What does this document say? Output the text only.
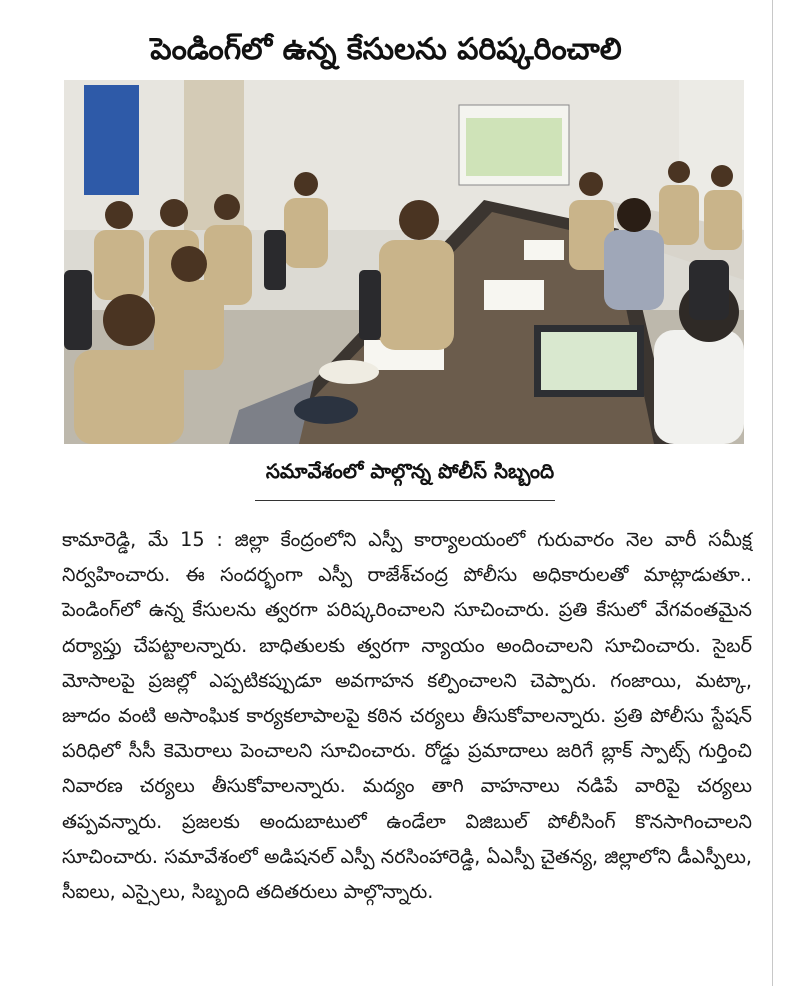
పెండింగ్‌లో ఉన్న కేసులను పరిష్కరించాలి
సమావేశంలో పాల్గొన్న పోలీస్ సిబ్బంది

కామారెడ్డి, మే 15 : జిల్లా కేంద్రంలోని ఎస్పీ కార్యాలయంలో గురువారం నెల వారీ సమీక్ష నిర్వహించారు. ఈ సందర్భంగా ఎస్పీ రాజేశ్‌చంద్ర పోలీసు అధికారులతో మాట్లాడుతూ.. పెండింగ్‌లో ఉన్న కేసులను త్వరగా పరిష్కరించాలని సూచించారు. ప్రతి కేసులో వేగవంతమైన దర్యాప్తు చేపట్టాలన్నారు. బాధితులకు త్వరగా న్యాయం అందించాలని సూచించారు. సైబర్ మోసాలపై ప్రజల్లో ఎప్పటికప్పుడూ అవగాహన కల్పించాలని చెప్పారు. గంజాయి, మట్కా, జూదం వంటి అసాంఘిక కార్యకలాపాలపై కఠిన చర్యలు తీసుకోవాలన్నారు. ప్రతి పోలీసు స్టేషన్ పరిధిలో సీసీ కెమెరాలు పెంచాలని సూచించారు. రోడ్డు ప్రమాదాలు జరిగే బ్లాక్ స్పాట్స్ గుర్తించి నివారణ చర్యలు తీసుకోవాలన్నారు. మద్యం తాగి వాహనాలు నడిపే వారిపై చర్యలు తప్పవన్నారు. ప్రజలకు అందుబాటులో ఉండేలా విజిబుల్ పోలీసింగ్ కొనసాగించాలని సూచించారు. సమావేశంలో అడిషనల్ ఎస్పీ నరసింహారెడ్డి, ఏఎస్పీ చైతన్య, జిల్లాలోని డీఎస్పీలు, సీఐలు, ఎస్సైలు, సిబ్బంది తదితరులు పాల్గొన్నారు.
